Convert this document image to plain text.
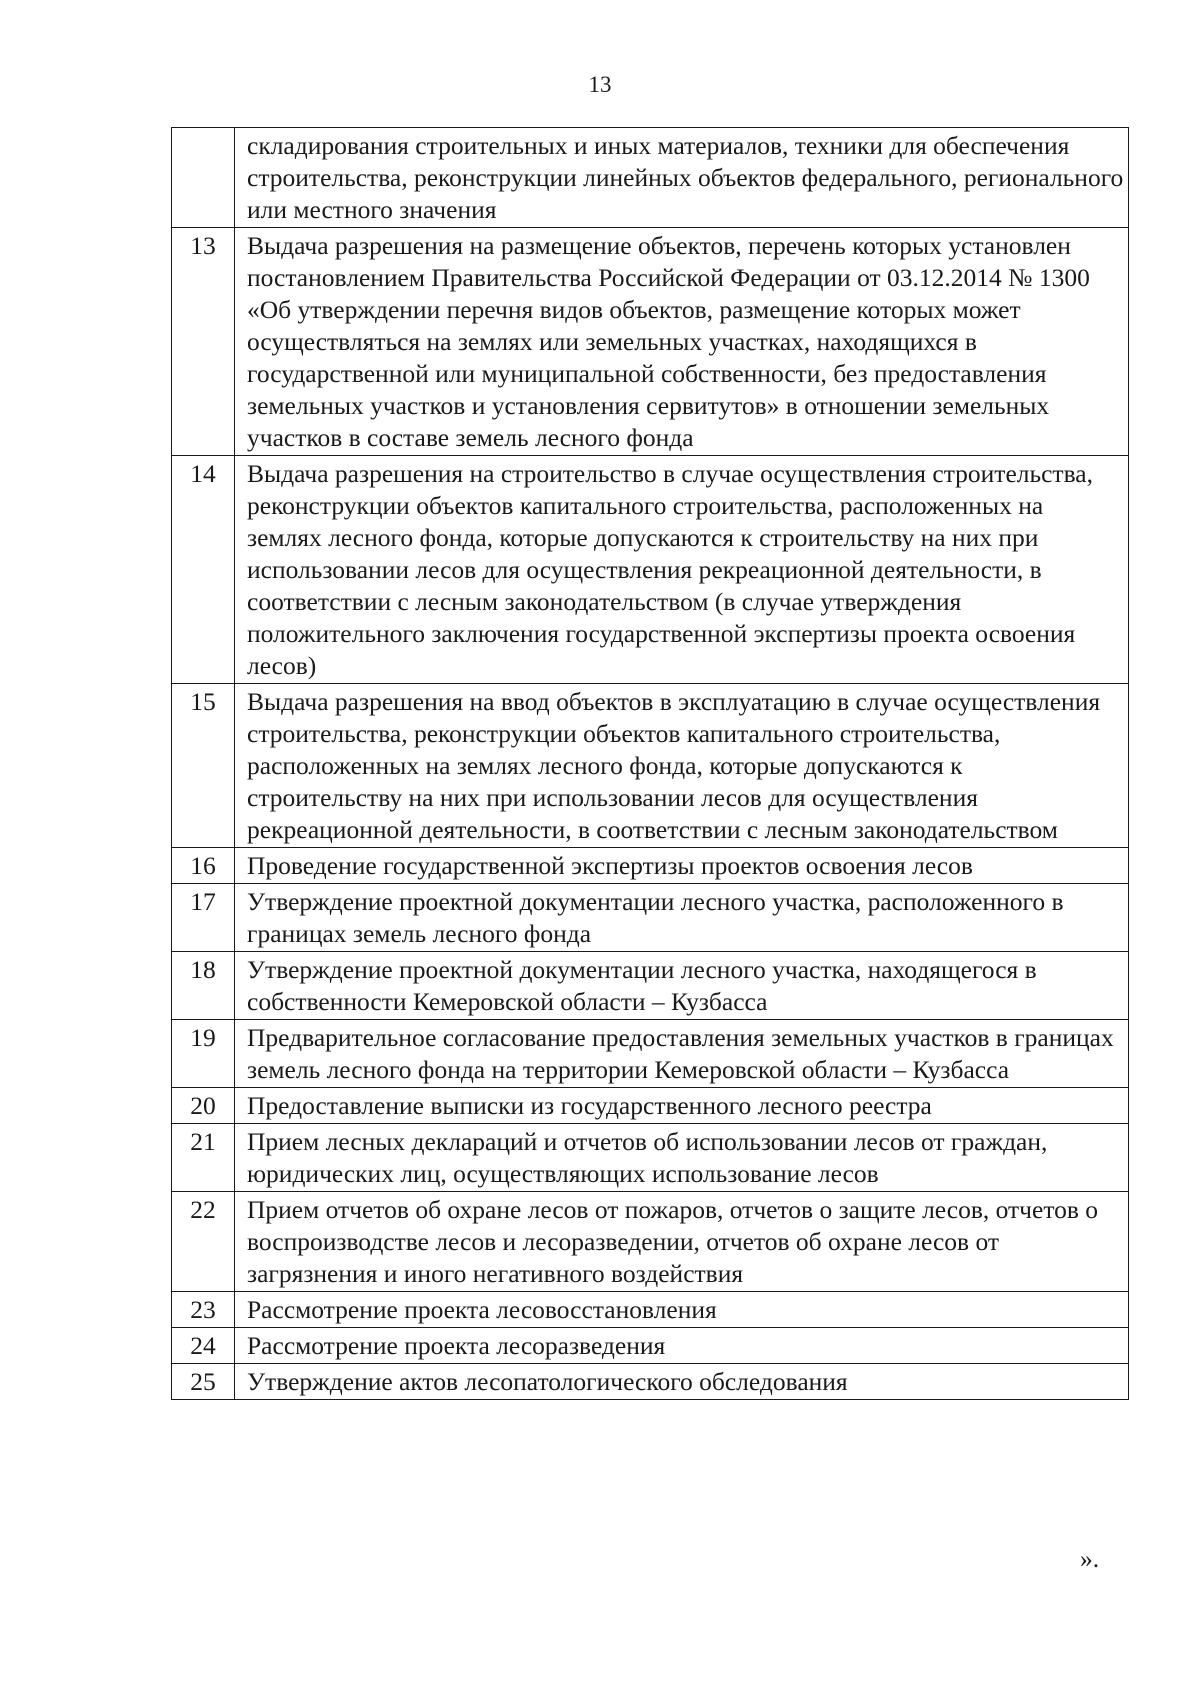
13
	складирования строительных и иных материалов, техники для обеспечения строительства, реконструкции линейных объектов федерального, регионального или местного значения
13	Выдача разрешения на размещение объектов, перечень которых установлен постановлением Правительства Российской Федерации от 03.12.2014 № 1300 «Об утверждении перечня видов объектов, размещение которых может осуществляться на землях или земельных участках, находящихся в государственной или муниципальной собственности, без предоставления земельных участков и установления сервитутов» в отношении земельных участков в составе земель лесного фонда
14	Выдача разрешения на строительство в случае осуществления строительства, реконструкции объектов капитального строительства, расположенных на землях лесного фонда, которые допускаются к строительству на них при использовании лесов для осуществления рекреационной деятельности, в соответствии с лесным законодательством (в случае утверждения положительного заключения государственной экспертизы проекта освоения лесов)
15	Выдача разрешения на ввод объектов в эксплуатацию в случае осуществления строительства, реконструкции объектов капитального строительства, расположенных на землях лесного фонда, которые допускаются к строительству на них при использовании лесов для осуществления рекреационной деятельности, в соответствии с лесным законодательством
16	Проведение государственной экспертизы проектов освоения лесов
17	Утверждение проектной документации лесного участка, расположенного в границах земель лесного фонда
18	Утверждение проектной документации лесного участка, находящегося в собственности Кемеровской области – Кузбасса
19	Предварительное согласование предоставления земельных участков в границах земель лесного фонда на территории Кемеровской области – Кузбасса
20	Предоставление выписки из государственного лесного реестра
21	Прием лесных деклараций и отчетов об использовании лесов от граждан, юридических лиц, осуществляющих использование лесов
22	Прием отчетов об охране лесов от пожаров, отчетов о защите лесов, отчетов о воспроизводстве лесов и лесоразведении, отчетов об охране лесов от загрязнения и иного негативного воздействия
23	Рассмотрение проекта лесовосстановления
24	Рассмотрение проекта лесоразведения
25	Утверждение актов лесопатологического обследования
».
